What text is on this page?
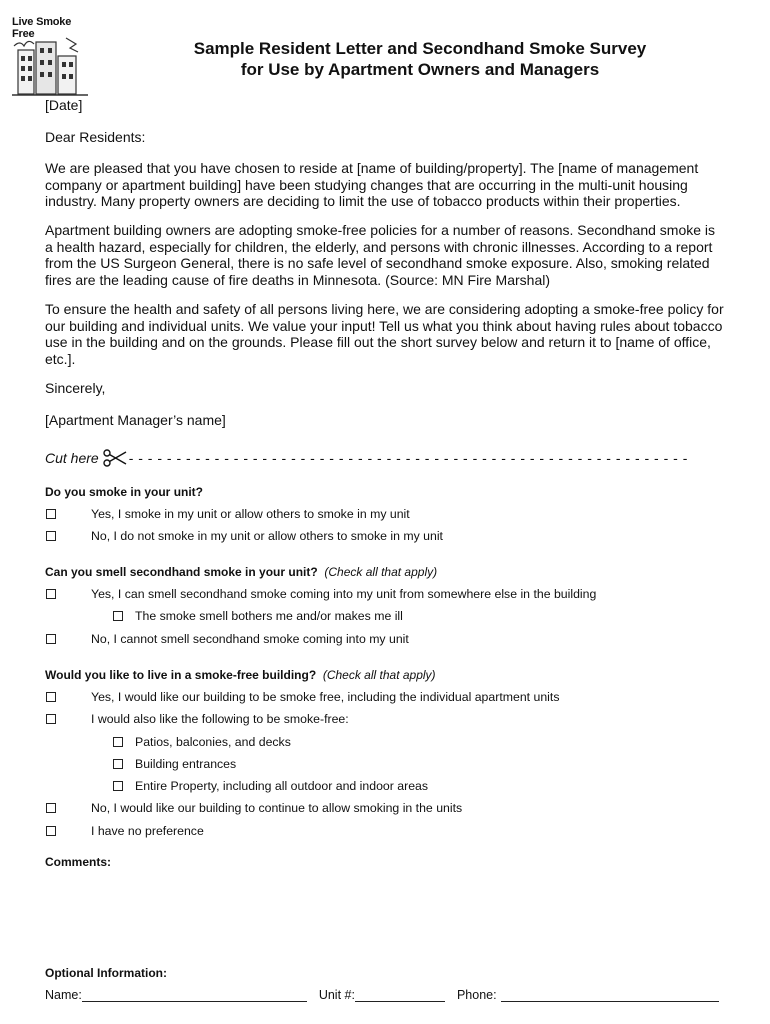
Live Smoke Free
Sample Resident Letter and Secondhand Smoke Survey
for Use by Apartment Owners and Managers
[Date]
Dear Residents:
We are pleased that you have chosen to reside at [name of building/property]. The [name of management company or apartment building] have been studying changes that are occurring in the multi-unit housing industry. Many property owners are deciding to limit the use of tobacco products within their properties.
Apartment building owners are adopting smoke-free policies for a number of reasons. Secondhand smoke is a health hazard, especially for children, the elderly, and persons with chronic illnesses. According to a report from the US Surgeon General, there is no safe level of secondhand smoke exposure. Also, smoking related fires are the leading cause of fire deaths in Minnesota. (Source: MN Fire Marshal)
To ensure the health and safety of all persons living here, we are considering adopting a smoke-free policy for our building and individual units. We value your input! Tell us what you think about having rules about tobacco use in the building and on the grounds. Please fill out the short survey below and return it to [name of office, etc.].
Sincerely,
[Apartment Manager’s name]
Cut here - - - - - - - - - - - - - - - - - - - - - - - - - - - - - - - - - - - - - - - - - - - - - - - - - - - - - - - - - - -
Do you smoke in your unit?
Yes, I smoke in my unit or allow others to smoke in my unit
No, I do not smoke in my unit or allow others to smoke in my unit
Can you smell secondhand smoke in your unit? (Check all that apply)
Yes, I can smell secondhand smoke coming into my unit from somewhere else in the building
The smoke smell bothers me and/or makes me ill
No, I cannot smell secondhand smoke coming into my unit
Would you like to live in a smoke-free building? (Check all that apply)
Yes, I would like our building to be smoke free, including the individual apartment units
I would also like the following to be smoke-free:
Patios, balconies, and decks
Building entrances
Entire Property, including all outdoor and indoor areas
No, I would like our building to continue to allow smoking in the units
I have no preference
Comments:
Optional Information:
Name:	Unit #:	Phone:
